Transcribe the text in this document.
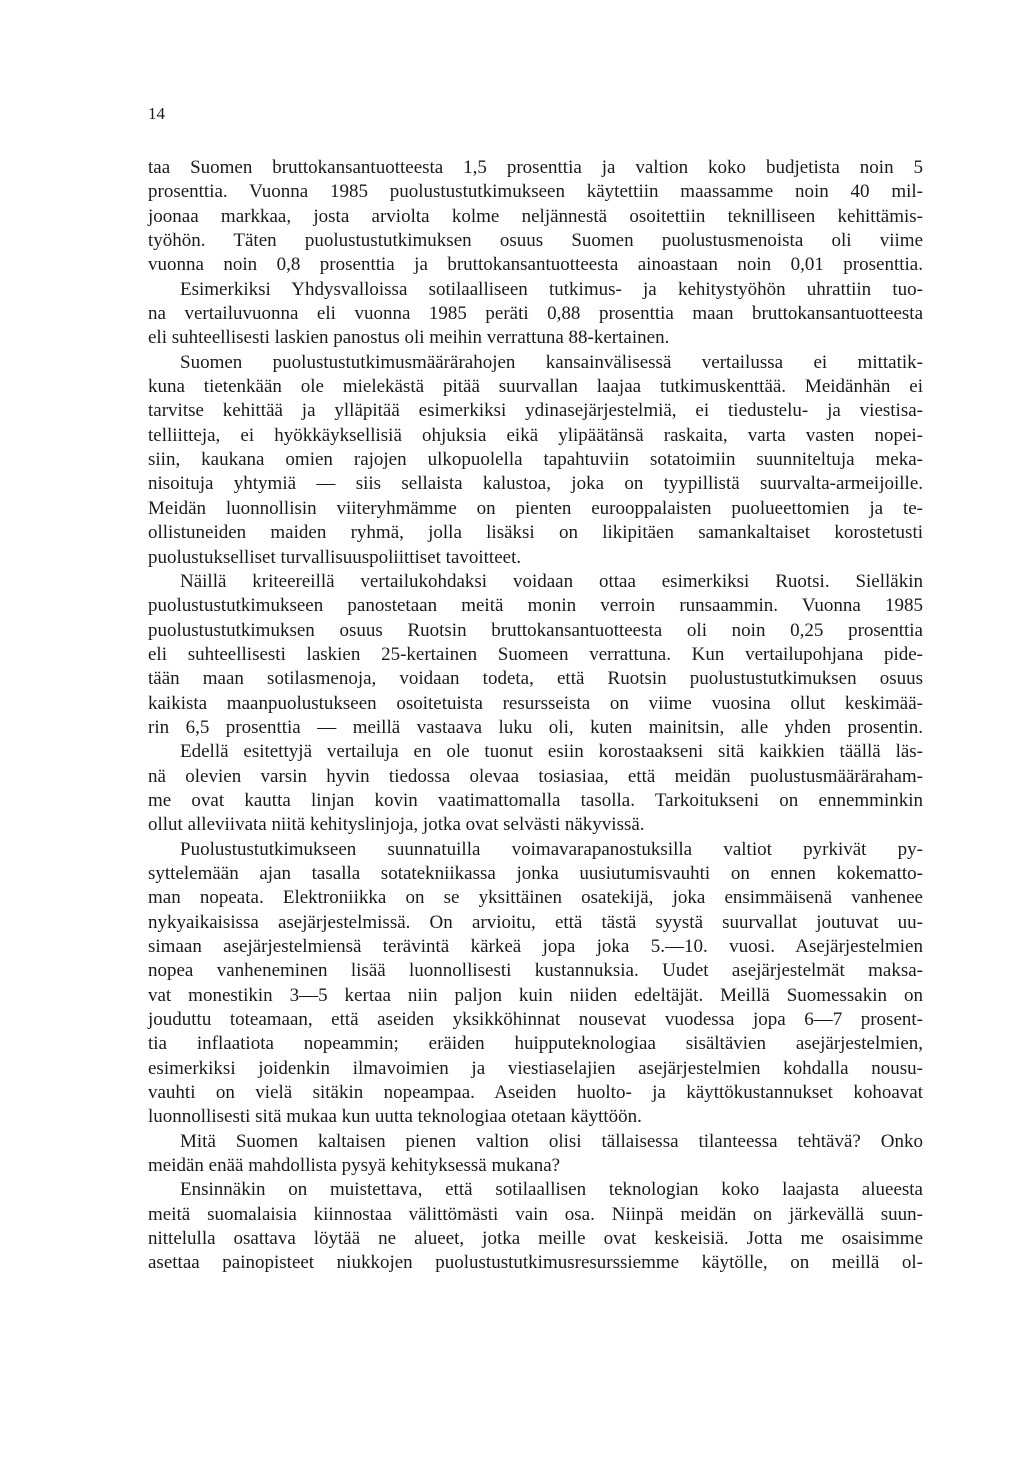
14
taa Suomen bruttokansantuotteesta 1,5 prosenttia ja valtion koko budjetista noin 5
prosenttia. Vuonna 1985 puolustustutkimukseen käytettiin maassamme noin 40 mil-
joonaa markkaa, josta arviolta kolme neljännestä osoitettiin teknilliseen kehittämis-
työhön. Täten puolustustutkimuksen osuus Suomen puolustusmenoista oli viime
vuonna noin 0,8 prosenttia ja bruttokansantuotteesta ainoastaan noin 0,01 prosenttia.
Esimerkiksi Yhdysvalloissa sotilaalliseen tutkimus- ja kehitystyöhön uhrattiin tuo-
na vertailuvuonna eli vuonna 1985 peräti 0,88 prosenttia maan bruttokansantuotteesta
eli suhteellisesti laskien panostus oli meihin verrattuna 88-kertainen.
Suomen puolustustutkimusmäärärahojen kansainvälisessä vertailussa ei mittatik-
kuna tietenkään ole mielekästä pitää suurvallan laajaa tutkimuskenttää. Meidänhän ei
tarvitse kehittää ja ylläpitää esimerkiksi ydinasejärjestelmiä, ei tiedustelu- ja viestisa-
telliitteja, ei hyökkäyksellisiä ohjuksia eikä ylipäätänsä raskaita, varta vasten nopei-
siin, kaukana omien rajojen ulkopuolella tapahtuviin sotatoimiin suunniteltuja meka-
nisoituja yhtymiä — siis sellaista kalustoa, joka on tyypillistä suurvalta-armeijoille.
Meidän luonnollisin viiteryhmämme on pienten eurooppalaisten puolueettomien ja te-
ollistuneiden maiden ryhmä, jolla lisäksi on likipitäen samankaltaiset korostetusti
puolustukselliset turvallisuuspoliittiset tavoitteet.
Näillä kriteereillä vertailukohdaksi voidaan ottaa esimerkiksi Ruotsi. Sielläkin
puolustustutkimukseen panostetaan meitä monin verroin runsaammin. Vuonna 1985
puolustustutkimuksen osuus Ruotsin bruttokansantuotteesta oli noin 0,25 prosenttia
eli suhteellisesti laskien 25-kertainen Suomeen verrattuna. Kun vertailupohjana pide-
tään maan sotilasmenoja, voidaan todeta, että Ruotsin puolustustutkimuksen osuus
kaikista maanpuolustukseen osoitetuista resursseista on viime vuosina ollut keskimää-
rin 6,5 prosenttia — meillä vastaava luku oli, kuten mainitsin, alle yhden prosentin.
Edellä esitettyjä vertailuja en ole tuonut esiin korostaakseni sitä kaikkien täällä läs-
nä olevien varsin hyvin tiedossa olevaa tosiasiaa, että meidän puolustusmääräraham-
me ovat kautta linjan kovin vaatimattomalla tasolla. Tarkoitukseni on ennemminkin
ollut alleviivata niitä kehityslinjoja, jotka ovat selvästi näkyvissä.
Puolustustutkimukseen suunnatuilla voimavarapanostuksilla valtiot pyrkivät py-
syttelemään ajan tasalla sotatekniikassa jonka uusiutumisvauhti on ennen kokematto-
man nopeata. Elektroniikka on se yksittäinen osatekijä, joka ensimmäisenä vanhenee
nykyaikaisissa asejärjestelmissä. On arvioitu, että tästä syystä suurvallat joutuvat uu-
simaan asejärjestelmiensä terävintä kärkeä jopa joka 5.—10. vuosi. Asejärjestelmien
nopea vanheneminen lisää luonnollisesti kustannuksia. Uudet asejärjestelmät maksa-
vat monestikin 3—5 kertaa niin paljon kuin niiden edeltäjät. Meillä Suomessakin on
jouduttu toteamaan, että aseiden yksikköhinnat nousevat vuodessa jopa 6—7 prosent-
tia inflaatiota nopeammin; eräiden huipputeknologiaa sisältävien asejärjestelmien,
esimerkiksi joidenkin ilmavoimien ja viestiaselajien asejärjestelmien kohdalla nousu-
vauhti on vielä sitäkin nopeampaa. Aseiden huolto- ja käyttökustannukset kohoavat
luonnollisesti sitä mukaa kun uutta teknologiaa otetaan käyttöön.
Mitä Suomen kaltaisen pienen valtion olisi tällaisessa tilanteessa tehtävä? Onko
meidän enää mahdollista pysyä kehityksessä mukana?
Ensinnäkin on muistettava, että sotilaallisen teknologian koko laajasta alueesta
meitä suomalaisia kiinnostaa välittömästi vain osa. Niinpä meidän on järkevällä suun-
nittelulla osattava löytää ne alueet, jotka meille ovat keskeisiä. Jotta me osaisimme
asettaa painopisteet niukkojen puolustustutkimusresurssiemme käytölle, on meillä ol-
